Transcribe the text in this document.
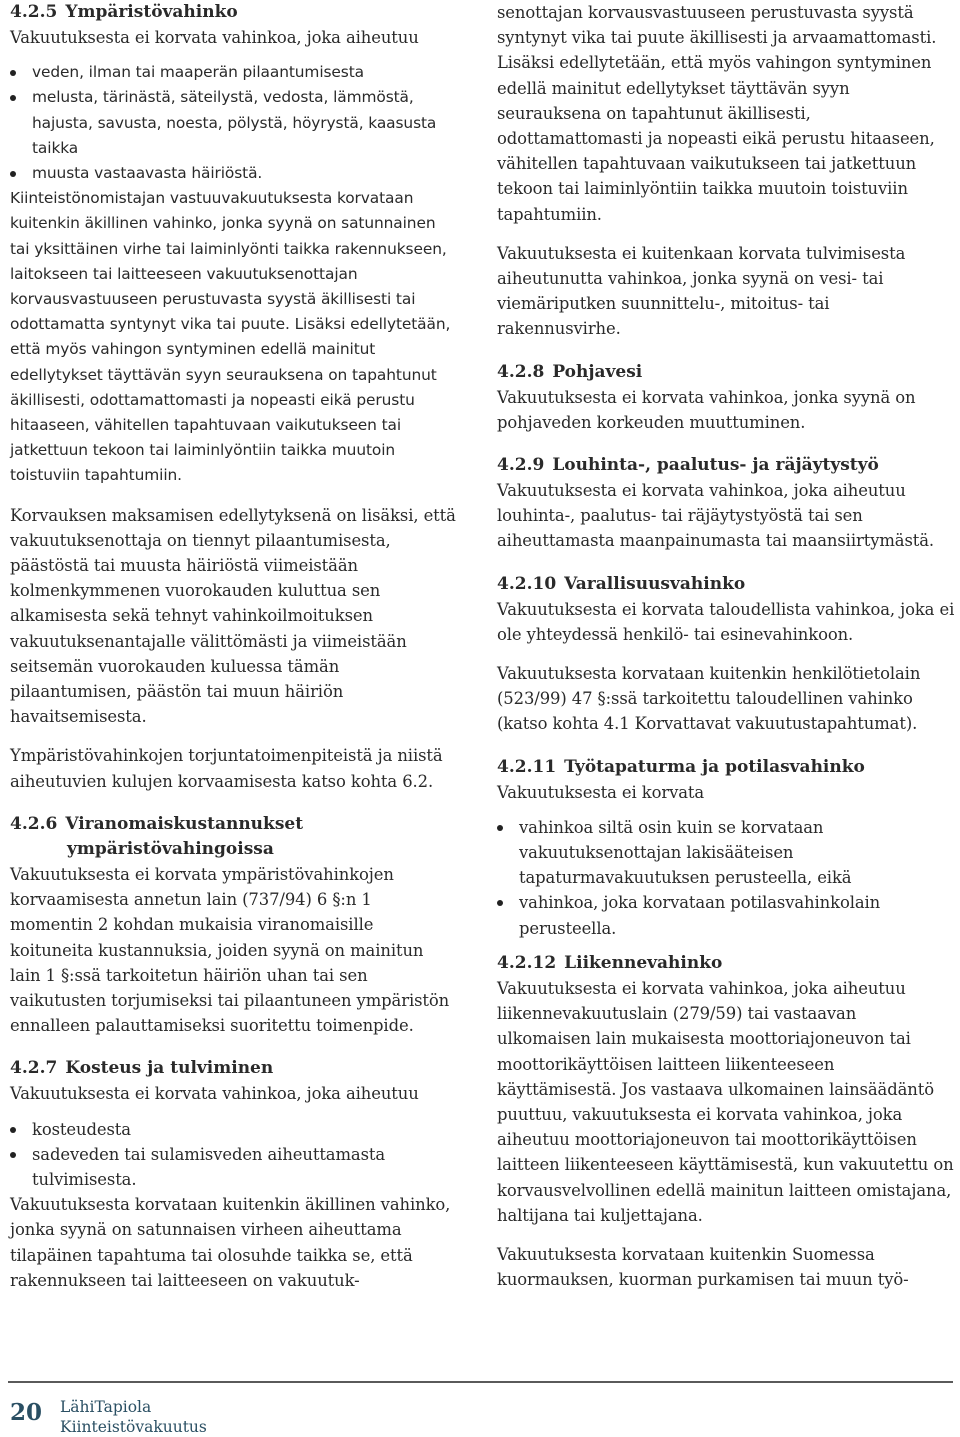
4.2.5 Ympäristövahinko

Vakuutuksesta ei korvata vahinkoa, joka aiheutuu

veden, ilman tai maaperän pilaantumisesta
melusta, tärinästä, säteilystä, vedosta, lämmöstä, hajusta, savusta, noesta, pölystä, höyrystä, kaasusta taikka
muusta vastaavasta häiriöstä.

Kiinteistönomistajan vastuuvakuutuksesta korvataan kuitenkin äkillinen vahinko, jonka syynä on satunnainen tai yksittäinen virhe tai laiminlyönti taikka rakennukseen, laitokseen tai laitteeseen vakuutuksenottajan korvausvastuuseen perustuvasta syystä äkillisesti tai odottamatta syntynyt vika tai puute. Lisäksi edellytetään, että myös vahingon syntyminen edellä mainitut edellytykset täyttävän syyn seurauksena on tapahtunut äkillisesti, odottamattomasti ja nopeasti eikä perustu hitaaseen, vähitellen tapahtuvaan vaikutukseen tai jatkettuun tekoon tai laiminlyöntiin taikka muutoin toistuviin tapahtumiin.

Korvauksen maksamisen edellytyksenä on lisäksi, että vakuutuksenottaja on tiennyt pilaantumisesta, päästöstä tai muusta häiriöstä viimeistään kolmenkymmenen vuorokauden kuluttua sen alkamisesta sekä tehnyt vahinkoilmoituksen vakuutuksenantajalle välittömästi ja viimeistään seitsemän vuorokauden kuluessa tämän pilaantumisen, päästön tai muun häiriön havaitsemisesta.

Ympäristövahinkojen torjuntatoimenpiteistä ja niistä aiheutuvien kulujen korvaamisesta katso kohta 6.2.

4.2.6 Viranomaiskustannukset
ympäristövahingoissa

Vakuutuksesta ei korvata ympäristövahinkojen korvaamisesta annetun lain (737/94) 6 §:n 1 momentin 2 kohdan mukaisia viranomaisille koituneita kustannuksia, joiden syynä on mainitun lain 1 §:ssä tarkoitetun häiriön uhan tai sen vaikutusten torjumiseksi tai pilaantuneen ympäristön ennalleen palauttamiseksi suoritettu toimenpide.

4.2.7 Kosteus ja tulviminen

Vakuutuksesta ei korvata vahinkoa, joka aiheutuu

kosteudesta
sadeveden tai sulamisveden aiheuttamasta tulvimisesta.

Vakuutuksesta korvataan kuitenkin äkillinen vahinko, jonka syynä on satunnaisen virheen aiheuttama tilapäinen tapahtuma tai olosuhde taikka se, että rakennukseen tai laitteeseen on vakuutuk-

senottajan korvausvastuuseen perustuvasta syystä syntynyt vika tai puute äkillisesti ja arvaamattomasti. Lisäksi edellytetään, että myös vahingon syntyminen edellä mainitut edellytykset täyttävän syyn seurauksena on tapahtunut äkillisesti, odottamattomasti ja nopeasti eikä perustu hitaaseen, vähitellen tapahtuvaan vaikutukseen tai jatkettuun tekoon tai laiminlyöntiin taikka muutoin toistuviin tapahtumiin.

Vakuutuksesta ei kuitenkaan korvata tulvimisesta aiheutunutta vahinkoa, jonka syynä on vesi- tai viemäriputken suunnittelu-, mitoitus- tai rakennusvirhe.

4.2.8 Pohjavesi

Vakuutuksesta ei korvata vahinkoa, jonka syynä on pohjaveden korkeuden muuttuminen.

4.2.9 Louhinta-, paalutus- ja räjäytystyö

Vakuutuksesta ei korvata vahinkoa, joka aiheutuu louhinta-, paalutus- tai räjäytystyöstä tai sen aiheuttamasta maanpainumasta tai maansiirtymästä.

4.2.10 Varallisuusvahinko

Vakuutuksesta ei korvata taloudellista vahinkoa, joka ei ole yhteydessä henkilö- tai esinevahinkoon.

Vakuutuksesta korvataan kuitenkin henkilötietolain (523/99) 47 §:ssä tarkoitettu taloudellinen vahinko (katso kohta 4.1 Korvattavat vakuutustapahtumat).

4.2.11 Työtapaturma ja potilasvahinko

Vakuutuksesta ei korvata

vahinkoa siltä osin kuin se korvataan vakuutuksenottajan lakisääteisen tapaturmavakuutuksen perusteella, eikä
vahinkoa, joka korvataan potilasvahinkolain perusteella.
4.2.12 Liikennevahinko

Vakuutuksesta ei korvata vahinkoa, joka aiheutuu liikennevakuutuslain (279/59) tai vastaavan ulkomaisen lain mukaisesta moottoriajoneuvon tai moottorikäyttöisen laitteen liikenteeseen käyttämisestä. Jos vastaava ulkomainen lainsäädäntö puuttuu, vakuutuksesta ei korvata vahinkoa, joka aiheutuu moottoriajoneuvon tai moottorikäyttöisen laitteen liikenteeseen käyttämisestä, kun vakuutettu on korvausvelvollinen edellä mainitun laitteen omistajana, haltijana tai kuljettajana.

Vakuutuksesta korvataan kuitenkin Suomessa kuormauksen, kuorman purkamisen tai muun työ-

20 LähiTapiola
Kiinteistövakuutus
